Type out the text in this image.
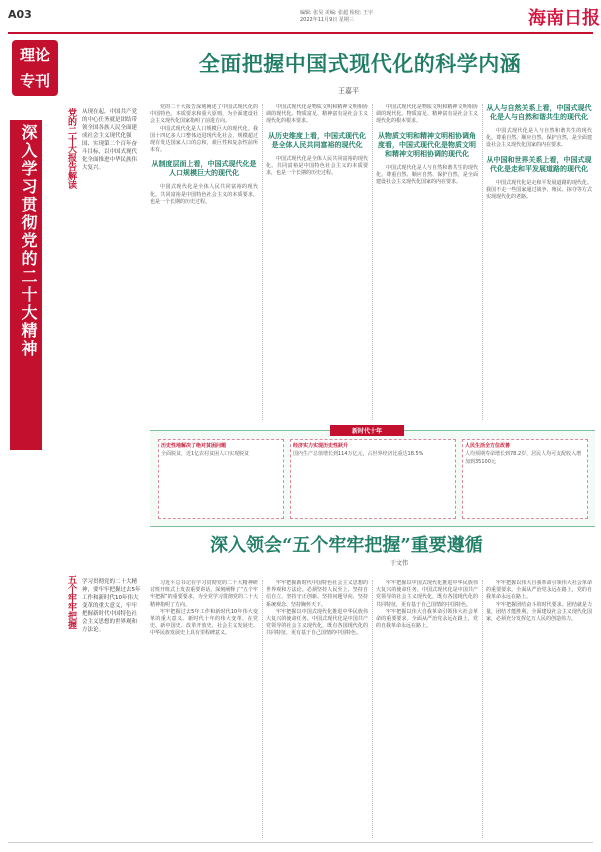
A03	编辑: 张昊 美编: 张超 检校: 王宇
2022年11月9日 星期三	海南日报
理论专刊
全面把握中国式现代化的科学内涵
王嘉平
深入学习贯彻党的二十大精神	党的二十大报告解读	从现在起，中国共产党的中心任务就是团结带领全国各族人民全面建成社会主义现代化强国、实现第二个百年奋斗目标，以中国式现代化全面推进中华民族伟大复兴。

党的二十大报告深刻阐述了中国式现代化的中国特色、本质要求和重大原则，为全面建设社会主义现代化国家指明了前进方向。

中国式现代化是人口规模巨大的现代化。我国十四亿多人口整体迈进现代化社会，规模超过现有发达国家人口的总和，艰巨性和复杂性前所未有。

从制度层面上看，中国式现代化是人口规模巨大的现代化

中国式现代化是全体人民共同富裕的现代化。共同富裕是中国特色社会主义的本质要求，也是一个长期的历史过程。

中国式现代化是物质文明和精神文明相协调的现代化。物质富足、精神富有是社会主义现代化的根本要求。

从历史维度上看，中国式现代化是全体人民共同富裕的现代化

中国式现代化是全体人民共同富裕的现代化。共同富裕是中国特色社会主义的本质要求，也是一个长期的历史过程。

中国式现代化是物质文明和精神文明相协调的现代化。物质富足、精神富有是社会主义现代化的根本要求。

从物质文明和精神文明相协调角度看，中国式现代化是物质文明和精神文明相协调的现代化

中国式现代化是人与自然和谐共生的现代化。尊重自然、顺应自然、保护自然，是全面建设社会主义现代化国家的内在要求。

从人与自然关系上看，中国式现代化是人与自然和谐共生的现代化

中国式现代化是人与自然和谐共生的现代化。尊重自然、顺应自然、保护自然，是全面建设社会主义现代化国家的内在要求。

从中国和世界关系上看，中国式现代化是走和平发展道路的现代化

中国式现代化是走和平发展道路的现代化。我国不走一些国家通过战争、殖民、掠夺等方式实现现代化的老路。

新时代十年
历史性地解决了绝对贫困问题
全面脱贫，近1亿农村贫困人口实现脱贫
经济实力实现历史性跃升
国内生产总值增长到114万亿元，占世界经济比重达18.5%
人民生活全方位改善
人均预期寿命增长到78.2岁，居民人均可支配收入增加到35100元
深入领会“五个牢牢把握”重要遵循
于文伟
五个牢牢把握	学习贯彻党的二十大精神，要牢牢把握过去5年工作和新时代10年伟大变革的重大意义，牢牢把握新时代中国特色社会主义思想的世界观和方法论。

习近平总书记在学习贯彻党的二十大精神研讨班开班式上发表重要讲话，深刻阐释了“五个牢牢把握”的重要要求，为全党学习贯彻党的二十大精神指明了方向。

牢牢把握过去5年工作和新时代10年伟大变革的重大意义。新时代十年的伟大变革，在党史、新中国史、改革开放史、社会主义发展史、中华民族发展史上具有里程碑意义。

牢牢把握新时代中国特色社会主义思想的世界观和方法论。必须坚持人民至上、坚持自信自立、坚持守正创新、坚持问题导向、坚持系统观念、坚持胸怀天下。

牢牢把握以中国式现代化推进中华民族伟大复兴的使命任务。中国式现代化是中国共产党领导的社会主义现代化，既有各国现代化的共同特征，更有基于自己国情的中国特色。

牢牢把握以中国式现代化推进中华民族伟大复兴的使命任务。中国式现代化是中国共产党领导的社会主义现代化，既有各国现代化的共同特征，更有基于自己国情的中国特色。

牢牢把握以伟大自我革命引领伟大社会革命的重要要求。全面从严治党永远在路上，党的自我革命永远在路上。

牢牢把握以伟大自我革命引领伟大社会革命的重要要求。全面从严治党永远在路上，党的自我革命永远在路上。

牢牢把握团结奋斗的时代要求。团结就是力量，团结才能胜利。全面建设社会主义现代化国家，必须充分发挥亿万人民的创造伟力。
